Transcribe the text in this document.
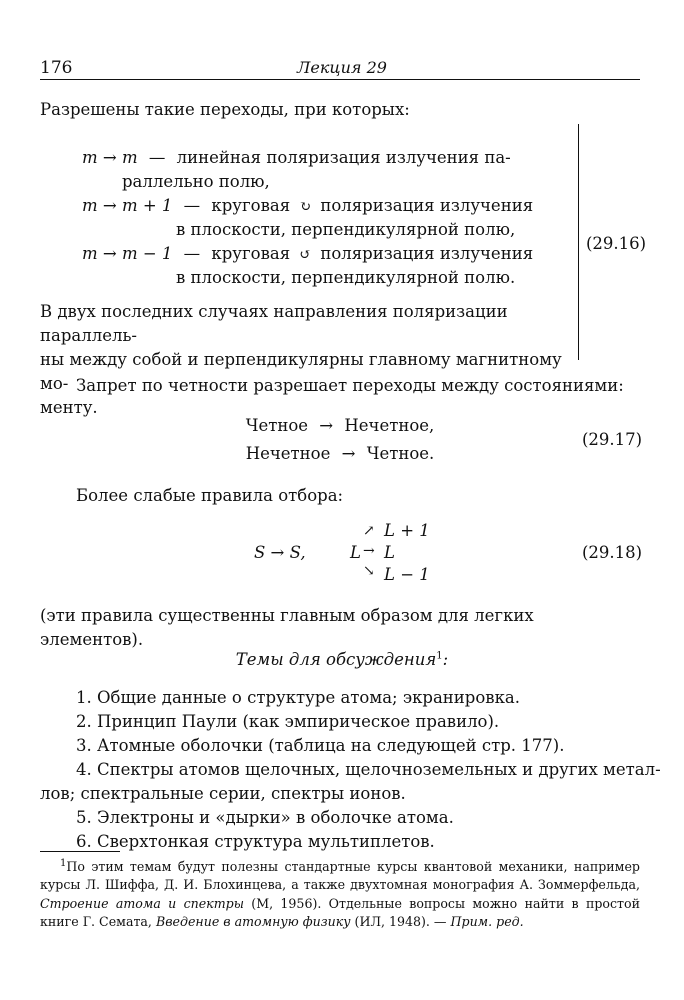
176	Лекция 29
Разрешены такие переходы, при которых:
m → m — линейная поляризация излучения па-
раллельно полю,
m → m + 1 — круговая ↻ поляризация излучения
в плоскости, перпендикулярной полю,
m → m − 1 — круговая ↺ поляризация излучения
в плоскости, перпендикулярной полю.
(29.16)
В двух последних случаях направления поляризации параллель-
ны между собой и перпендикулярны главному магнитному мо-
менту.
Запрет по четности разрешает переходы между состояниями:
Четное → Нечетное,
Нечетное → Четное.
(29.17)
Более слабые правила отбора:
S → S,	L
↗
→
↘
L + 1
L
L − 1
(29.18)
(эти правила существенны главным образом для легких элементов).
Темы для обсуждения$^1$:
1. Общие данные о структуре атома; экранировка.
2. Принцип Паули (как эмпирическое правило).
3. Атомные оболочки (таблица на следующей стр. 177).
4. Спектры атомов щелочных, щелочноземельных и других метал-
лов; спектральные серии, спектры ионов.
5. Электроны и «дырки» в оболочке атома.
6. Сверхтонкая структура мультиплетов.
$^1$По этим темам будут полезны стандартные курсы квантовой механики, например курсы Л. Шиффа, Д. И. Блохинцева, а также двухтомная монография А. Зоммерфельда, Строение атома и спектры (М, 1956). Отдельные вопросы можно найти в простой книге Г. Семата, Введение в атомную физику (ИЛ, 1948). — Прим. ред.
